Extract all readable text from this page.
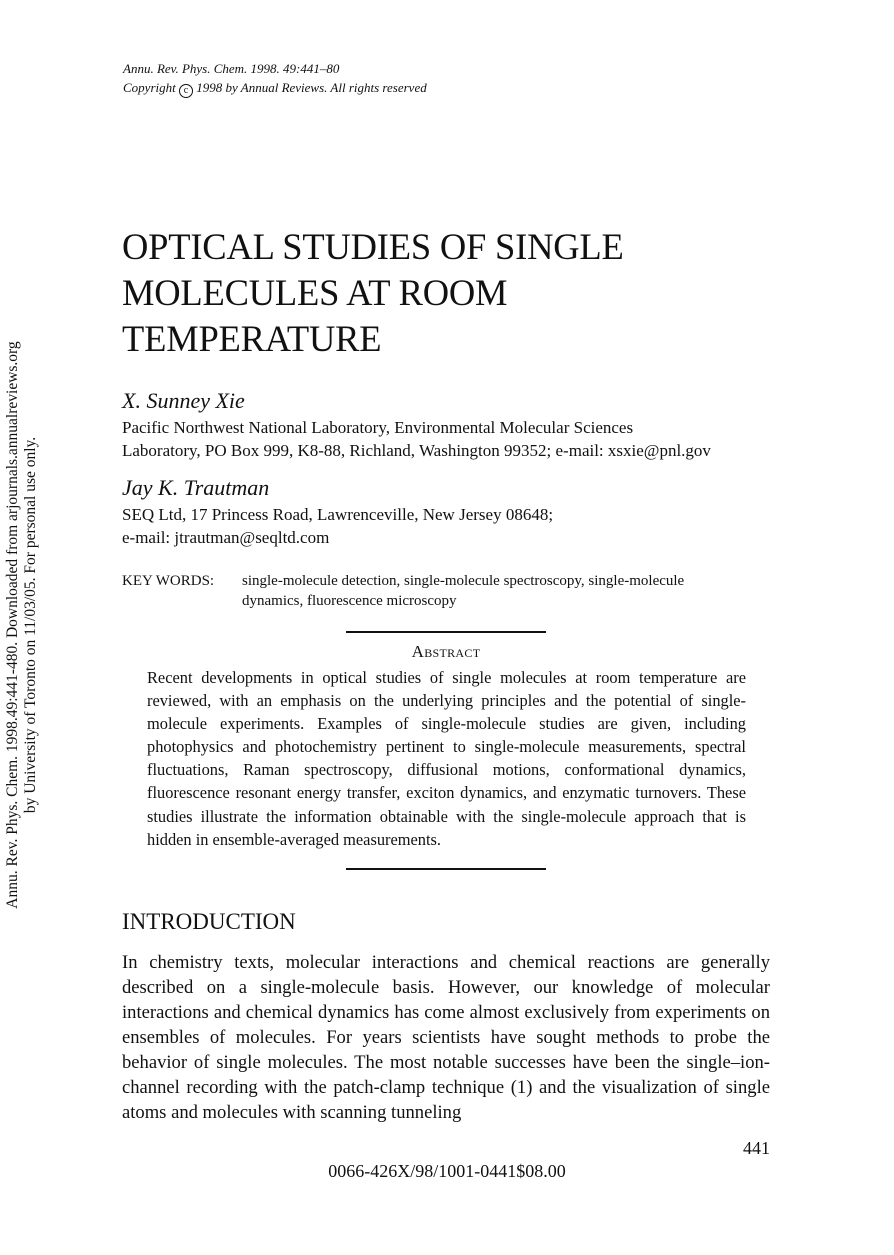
Annu. Rev. Phys. Chem. 1998. 49:441–80
Copyright c 1998 by Annual Reviews. All rights reserved
OPTICAL STUDIES OF SINGLE
MOLECULES AT ROOM
TEMPERATURE
X. Sunney Xie
Pacific Northwest National Laboratory, Environmental Molecular Sciences
Laboratory, PO Box 999, K8-88, Richland, Washington 99352; e-mail: xsxie@pnl.gov
Jay K. Trautman
SEQ Ltd, 17 Princess Road, Lawrenceville, New Jersey 08648;
e-mail: jtrautman@seqltd.com
KEY WORDS: single-molecule detection, single-molecule spectroscopy, single-molecule dynamics, fluorescence microscopy
Abstract
Recent developments in optical studies of single molecules at room temperature are reviewed, with an emphasis on the underlying principles and the potential of single-molecule experiments. Examples of single-molecule studies are given, including photophysics and photochemistry pertinent to single-molecule measurements, spectral fluctuations, Raman spectroscopy, diffusional motions, conformational dynamics, fluorescence resonant energy transfer, exciton dynamics, and enzymatic turnovers. These studies illustrate the information obtainable with the single-molecule approach that is hidden in ensemble-averaged measurements.
INTRODUCTION
In chemistry texts, molecular interactions and chemical reactions are generally described on a single-molecule basis. However, our knowledge of molecular interactions and chemical dynamics has come almost exclusively from experiments on ensembles of molecules. For years scientists have sought methods to probe the behavior of single molecules. The most notable successes have been the single–ion-channel recording with the patch-clamp technique (1) and the visualization of single atoms and molecules with scanning tunneling
441
0066-426X/98/1001-0441$08.00
Annu. Rev. Phys. Chem. 1998.49:441-480. Downloaded from arjournals.annualreviews.org by University of Toronto on 11/03/05. For personal use only.
